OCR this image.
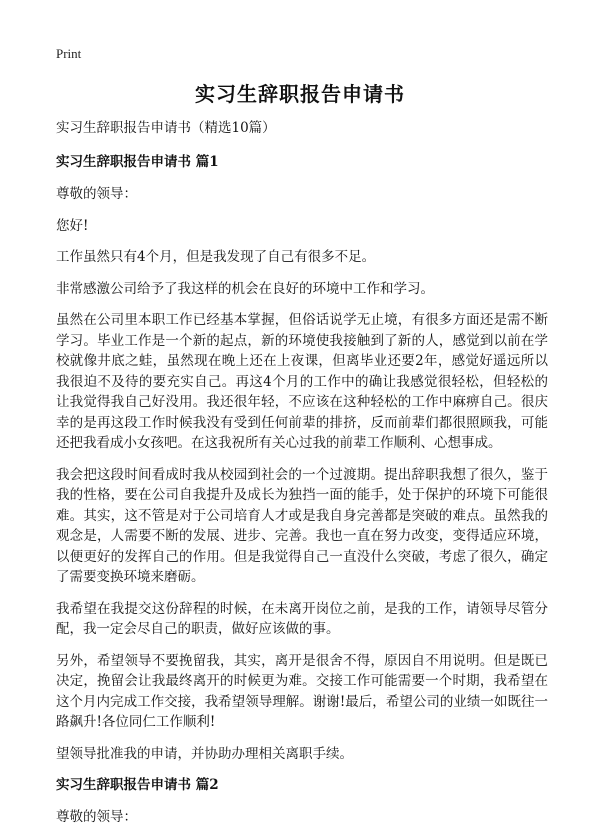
Print
实习生辞职报告申请书
实习生辞职报告申请书（精选10篇）
实习生辞职报告申请书 篇1

尊敬的领导：

您好!

工作虽然只有4个月，但是我发现了自己有很多不足。

非常感激公司给予了我这样的机会在良好的环境中工作和学习。

虽然在公司里本职工作已经基本掌握，但俗话说学无止境，有很多方面还是需不断学习。毕业工作是一个新的起点，新的环境使我接触到了新的人，感觉到以前在学校就像井底之蛙，虽然现在晚上还在上夜课，但离毕业还要2年，感觉好遥远所以我很迫不及待的要充实自己。再这4个月的工作中的确让我感觉很轻松，但轻松的让我觉得我自己好没用。我还很年轻，不应该在这种轻松的工作中麻痹自己。很庆幸的是再这段工作时候我没有受到任何前辈的排挤，反而前辈们都很照顾我，可能还把我看成小女孩吧。在这我祝所有关心过我的前辈工作顺利、心想事成。

我会把这段时间看成时我从校园到社会的一个过渡期。提出辞职我想了很久，鉴于我的性格，要在公司自我提升及成长为独挡一面的能手，处于保护的环境下可能很难。其实，这不管是对于公司培育人才或是我自身完善都是突破的难点。虽然我的观念是，人需要不断的发展、进步、完善。我也一直在努力改变，变得适应环境，以便更好的发挥自己的作用。但是我觉得自己一直没什么突破，考虑了很久，确定了需要变换环境来磨砺。

我希望在我提交这份辞程的时候，在未离开岗位之前，是我的工作，请领导尽管分配，我一定会尽自己的职责，做好应该做的事。

另外，希望领导不要挽留我，其实，离开是很舍不得，原因自不用说明。但是既已决定，挽留会让我最终离开的时候更为难。交接工作可能需要一个时期，我希望在这个月内完成工作交接，我希望领导理解。谢谢!最后，希望公司的业绩一如既往一路飙升!各位同仁工作顺利!

望领导批准我的申请，并协助办理相关离职手续。

实习生辞职报告申请书 篇2

尊敬的领导：
